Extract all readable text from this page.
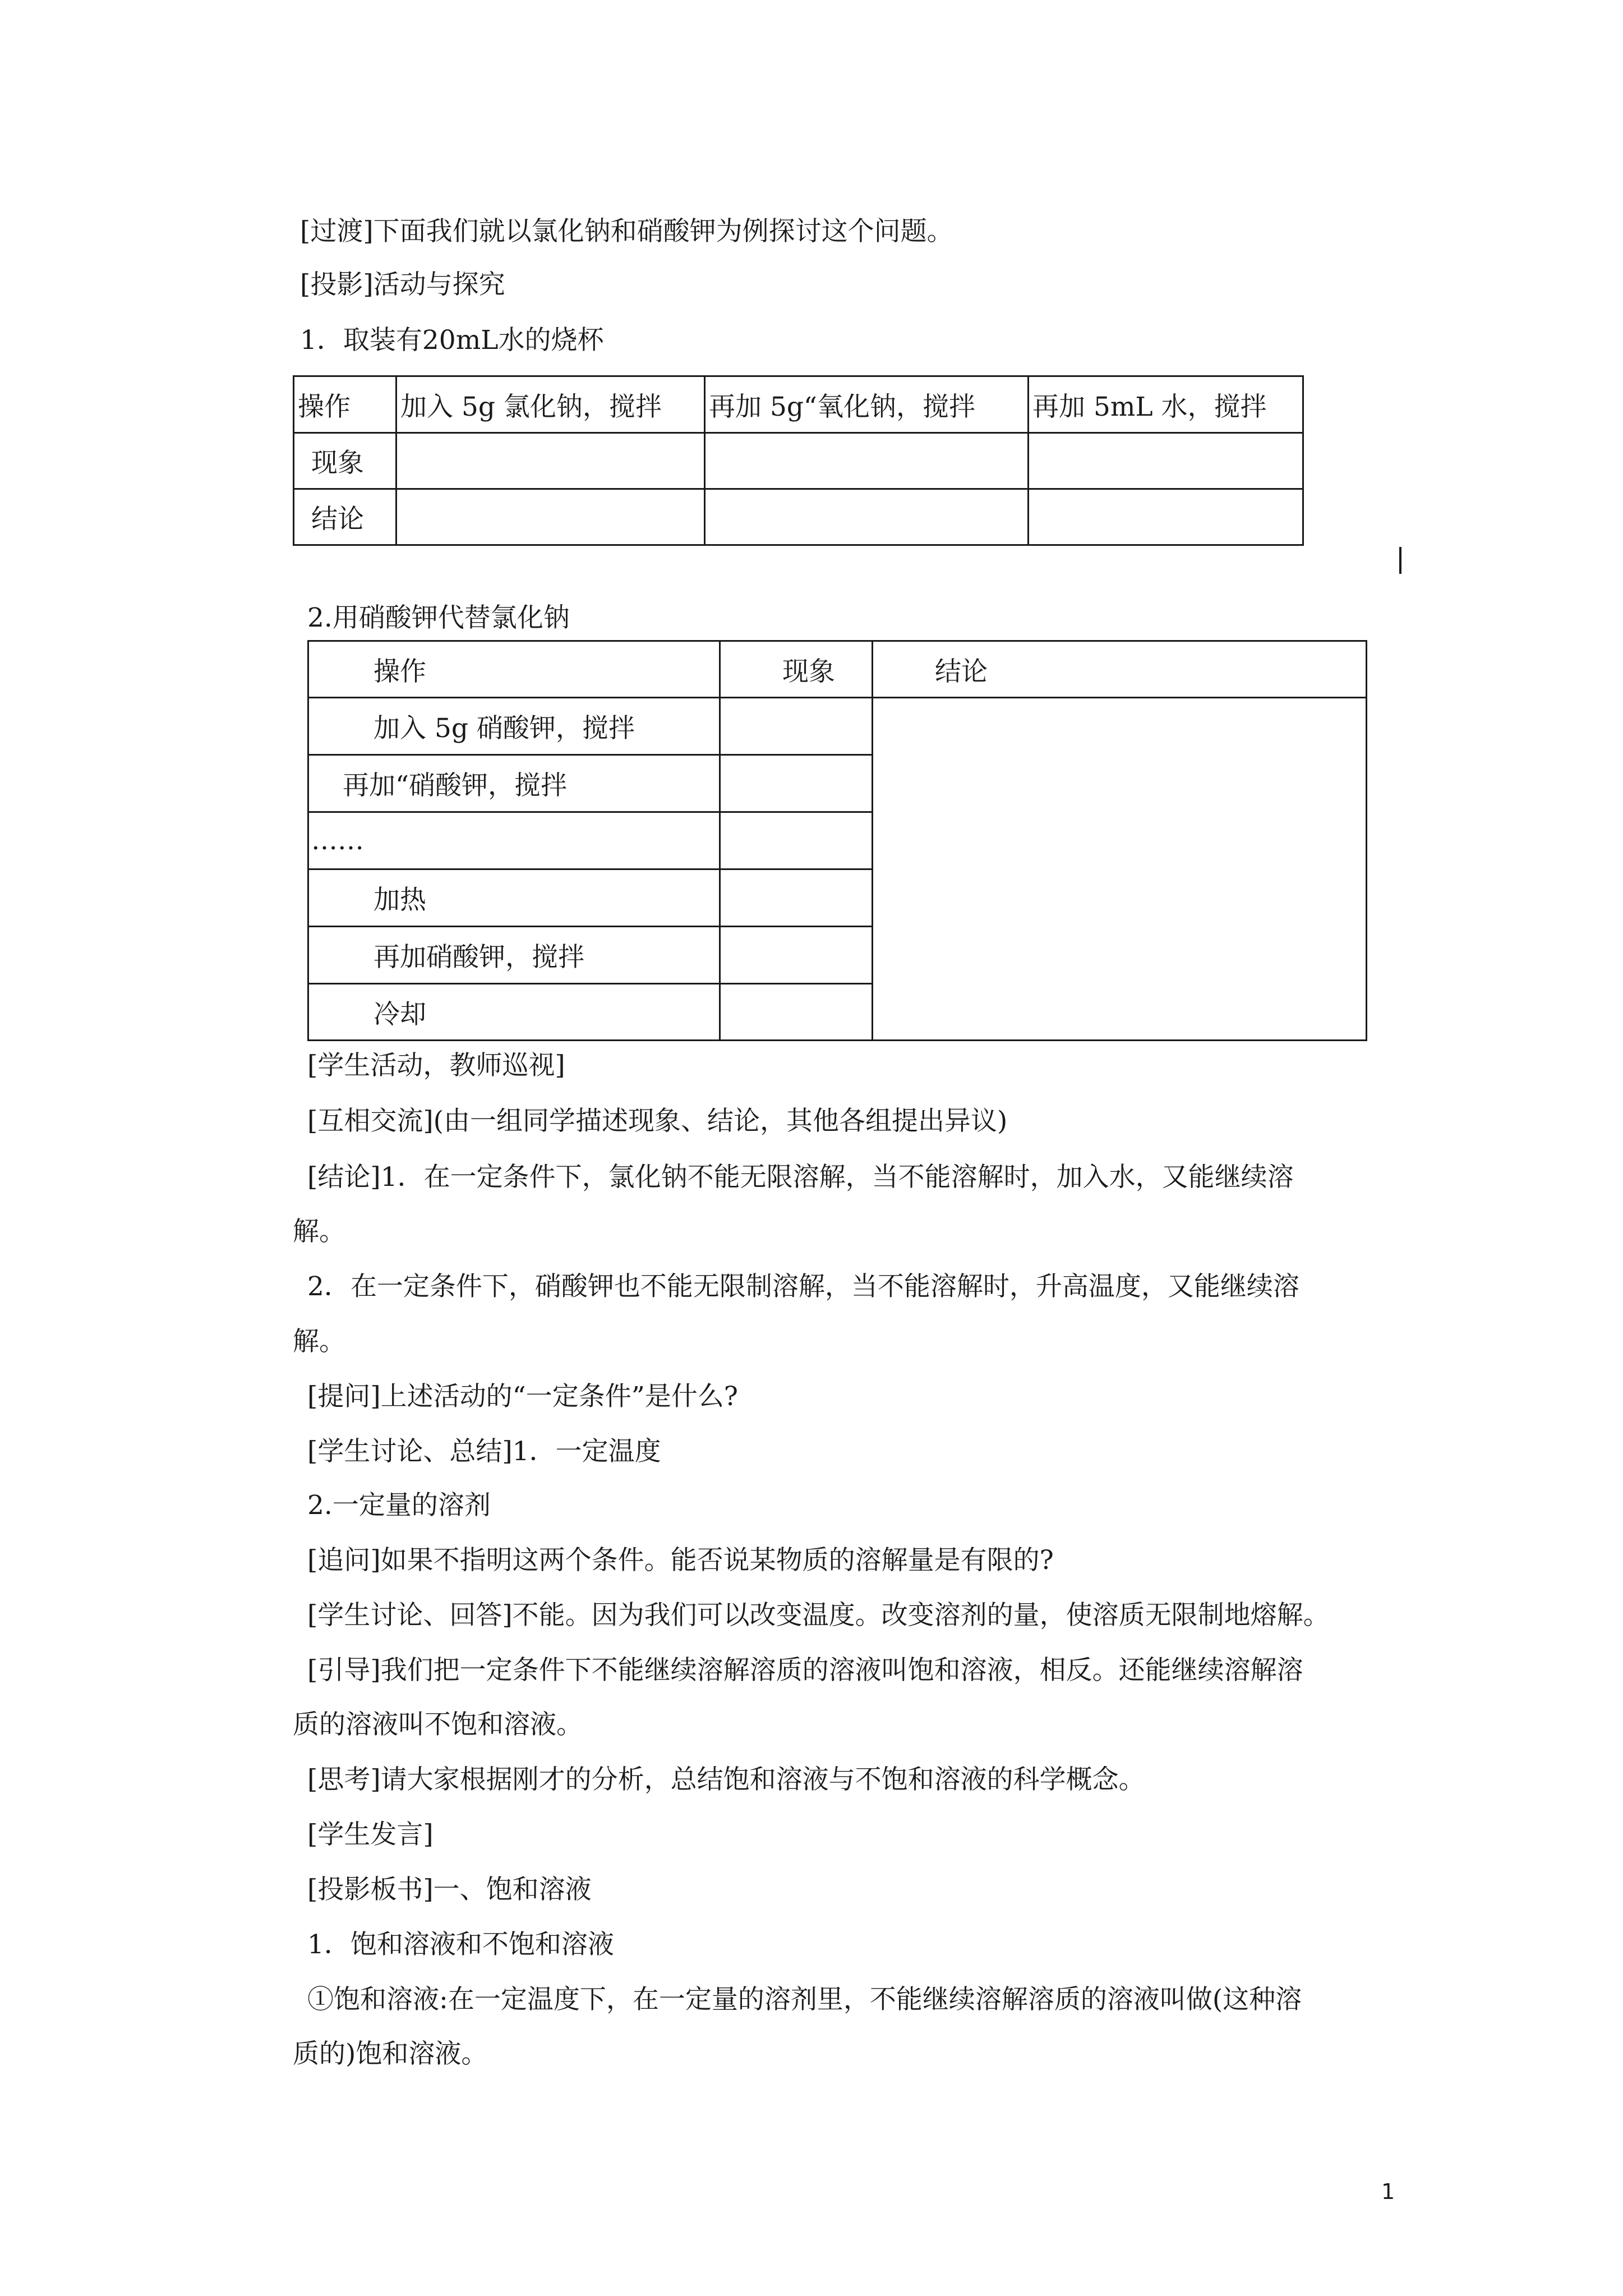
[过渡]下面我们就以氯化钠和硝酸钾为例探讨这个问题。
[投影]活动与探究
1．取装有20mL水的烧杯
操作	加入 5g 氯化钠，搅拌	再加 5g“氧化钠，搅拌	再加 5mL 水，搅拌
现象			
结论			
2.用硝酸钾代替氯化钠
操作	现象	结论
加入 5g 硝酸钾，搅拌		
再加“硝酸钾，搅拌		
……		
加热		
再加硝酸钾，搅拌		
冷却		
[学生活动，教师巡视]
[互相交流](由一组同学描述现象、结论，其他各组提出异议)
[结论]1．在一定条件下，氯化钠不能无限溶解，当不能溶解时，加入水，又能继续溶
解。
2．在一定条件下，硝酸钾也不能无限制溶解，当不能溶解时，升高温度，又能继续溶
解。
[提问]上述活动的“一定条件”是什么?
[学生讨论、总结]1．一定温度
2.一定量的溶剂
[追问]如果不指明这两个条件。能否说某物质的溶解量是有限的?
[学生讨论、回答]不能。因为我们可以改变温度。改变溶剂的量，使溶质无限制地熔解。
[引导]我们把一定条件下不能继续溶解溶质的溶液叫饱和溶液，相反。还能继续溶解溶
质的溶液叫不饱和溶液。
[思考]请大家根据刚才的分析，总结饱和溶液与不饱和溶液的科学概念。
[学生发言]
[投影板书]一、饱和溶液
1．饱和溶液和不饱和溶液
①饱和溶液:在一定温度下，在一定量的溶剂里，不能继续溶解溶质的溶液叫做(这种溶
质的)饱和溶液。
1
